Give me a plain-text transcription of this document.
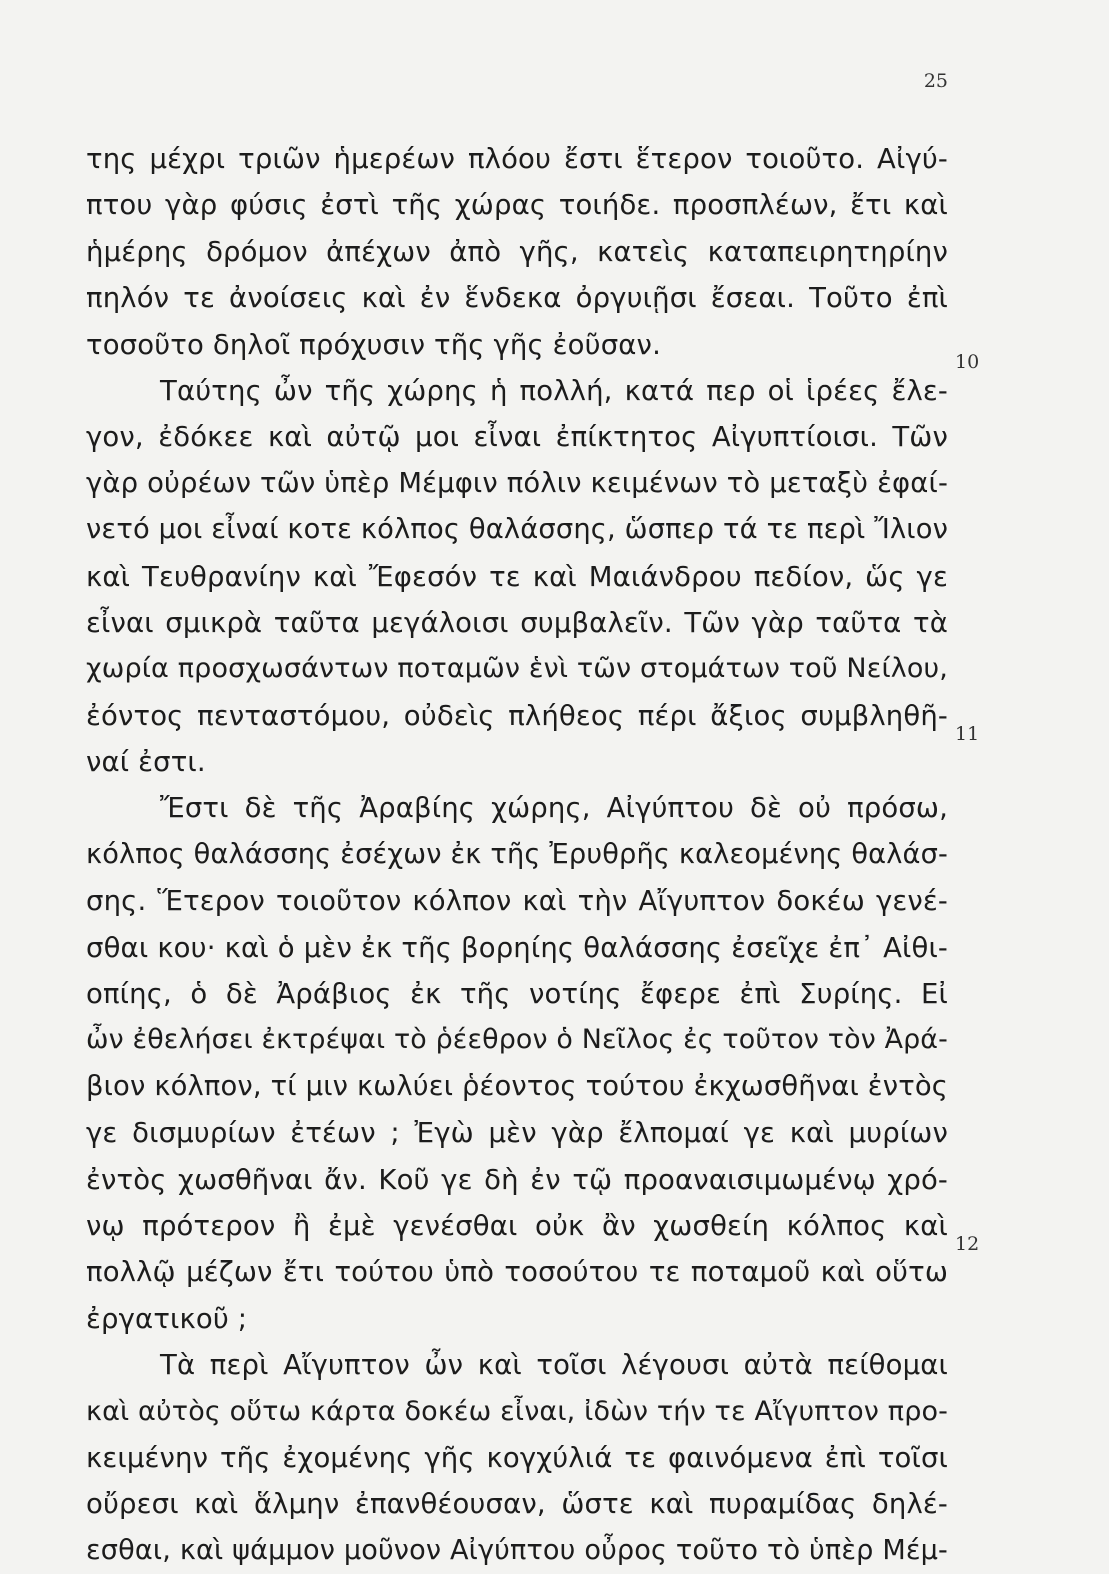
25
της μέχρι τριῶν ἡμερέων πλόου ἔστι ἕτερον τοιοῦτο. Αἰγύ-
πτου γὰρ φύσις ἐστὶ τῆς χώρας τοιήδε. προσπλέων, ἔτι καὶ
ἡμέρης δρόμον ἀπέχων ἀπὸ γῆς, κατεὶς καταπειρητηρίην
πηλόν τε ἀνοίσεις καὶ ἐν ἕνδεκα ὀργυιῇσι ἔσεαι. Τοῦτο ἐπὶ
τοσοῦτο δηλοῖ πρόχυσιν τῆς γῆς ἐοῦσαν.
Ταύτης ὦν τῆς χώρης ἡ πολλή, κατά περ οἱ ἱρέες ἔλε-
γον, ἐδόκεε καὶ αὐτῷ μοι εἶναι ἐπίκτητος Αἰγυπτίοισι. Τῶν
γὰρ οὐρέων τῶν ὑπὲρ Μέμφιν πόλιν κειμένων τὸ μεταξὺ ἐφαί-
νετό μοι εἶναί κοτε κόλπος θαλάσσης, ὥσπερ τά τε περὶ Ἴλιον
καὶ Τευθρανίην καὶ Ἔφεσόν τε καὶ Μαιάνδρου πεδίον, ὥς γε
εἶναι σμικρὰ ταῦτα μεγάλοισι συμβαλεῖν. Τῶν γὰρ ταῦτα τὰ
χωρία προσχωσάντων ποταμῶν ἑνὶ τῶν στομάτων τοῦ Νείλου,
ἐόντος πενταστόμου, οὐδεὶς πλήθεος πέρι ἄξιος συμβληθῆ-
ναί ἐστι.
Ἔστι δὲ τῆς Ἀραβίης χώρης, Αἰγύπτου δὲ οὐ πρόσω,
κόλπος θαλάσσης ἐσέχων ἐκ τῆς Ἐρυθρῆς καλεομένης θαλάσ-
σης. Ἕτερον τοιοῦτον κόλπον καὶ τὴν Αἴγυπτον δοκέω γενέ-
σθαι κου· καὶ ὁ μὲν ἐκ τῆς βορηίης θαλάσσης ἐσεῖχε ἐπ᾽ Αἰθι-
οπίης, ὁ δὲ Ἀράβιος ἐκ τῆς νοτίης ἔφερε ἐπὶ Συρίης. Εἰ
ὦν ἐθελήσει ἐκτρέψαι τὸ ῥέεθρον ὁ Νεῖλος ἐς τοῦτον τὸν Ἀρά-
βιον κόλπον, τί μιν κωλύει ῥέοντος τούτου ἐκχωσθῆναι ἐντὸς
γε δισμυρίων ἐτέων ; Ἐγὼ μὲν γὰρ ἔλπομαί γε καὶ μυρίων
ἐντὸς χωσθῆναι ἄν. Κοῦ γε δὴ ἐν τῷ προαναισιμωμένῳ χρό-
νῳ πρότερον ἢ ἐμὲ γενέσθαι οὐκ ἂν χωσθείη κόλπος καὶ
πολλῷ μέζων ἔτι τούτου ὑπὸ τοσούτου τε ποταμοῦ καὶ οὕτω
ἐργατικοῦ ;
Τὰ περὶ Αἴγυπτον ὦν καὶ τοῖσι λέγουσι αὐτὰ πείθομαι
καὶ αὐτὸς οὕτω κάρτα δοκέω εἶναι, ἰδὼν τήν τε Αἴγυπτον προ-
κειμένην τῆς ἐχομένης γῆς κογχύλιά τε φαινόμενα ἐπὶ τοῖσι
οὔρεσι καὶ ἅλμην ἐπανθέουσαν, ὥστε καὶ πυραμίδας δηλέ-
εσθαι, καὶ ψάμμον μοῦνον Αἰγύπτου οὖρος τοῦτο τὸ ὑπὲρ Μέμ-
10
11
12
